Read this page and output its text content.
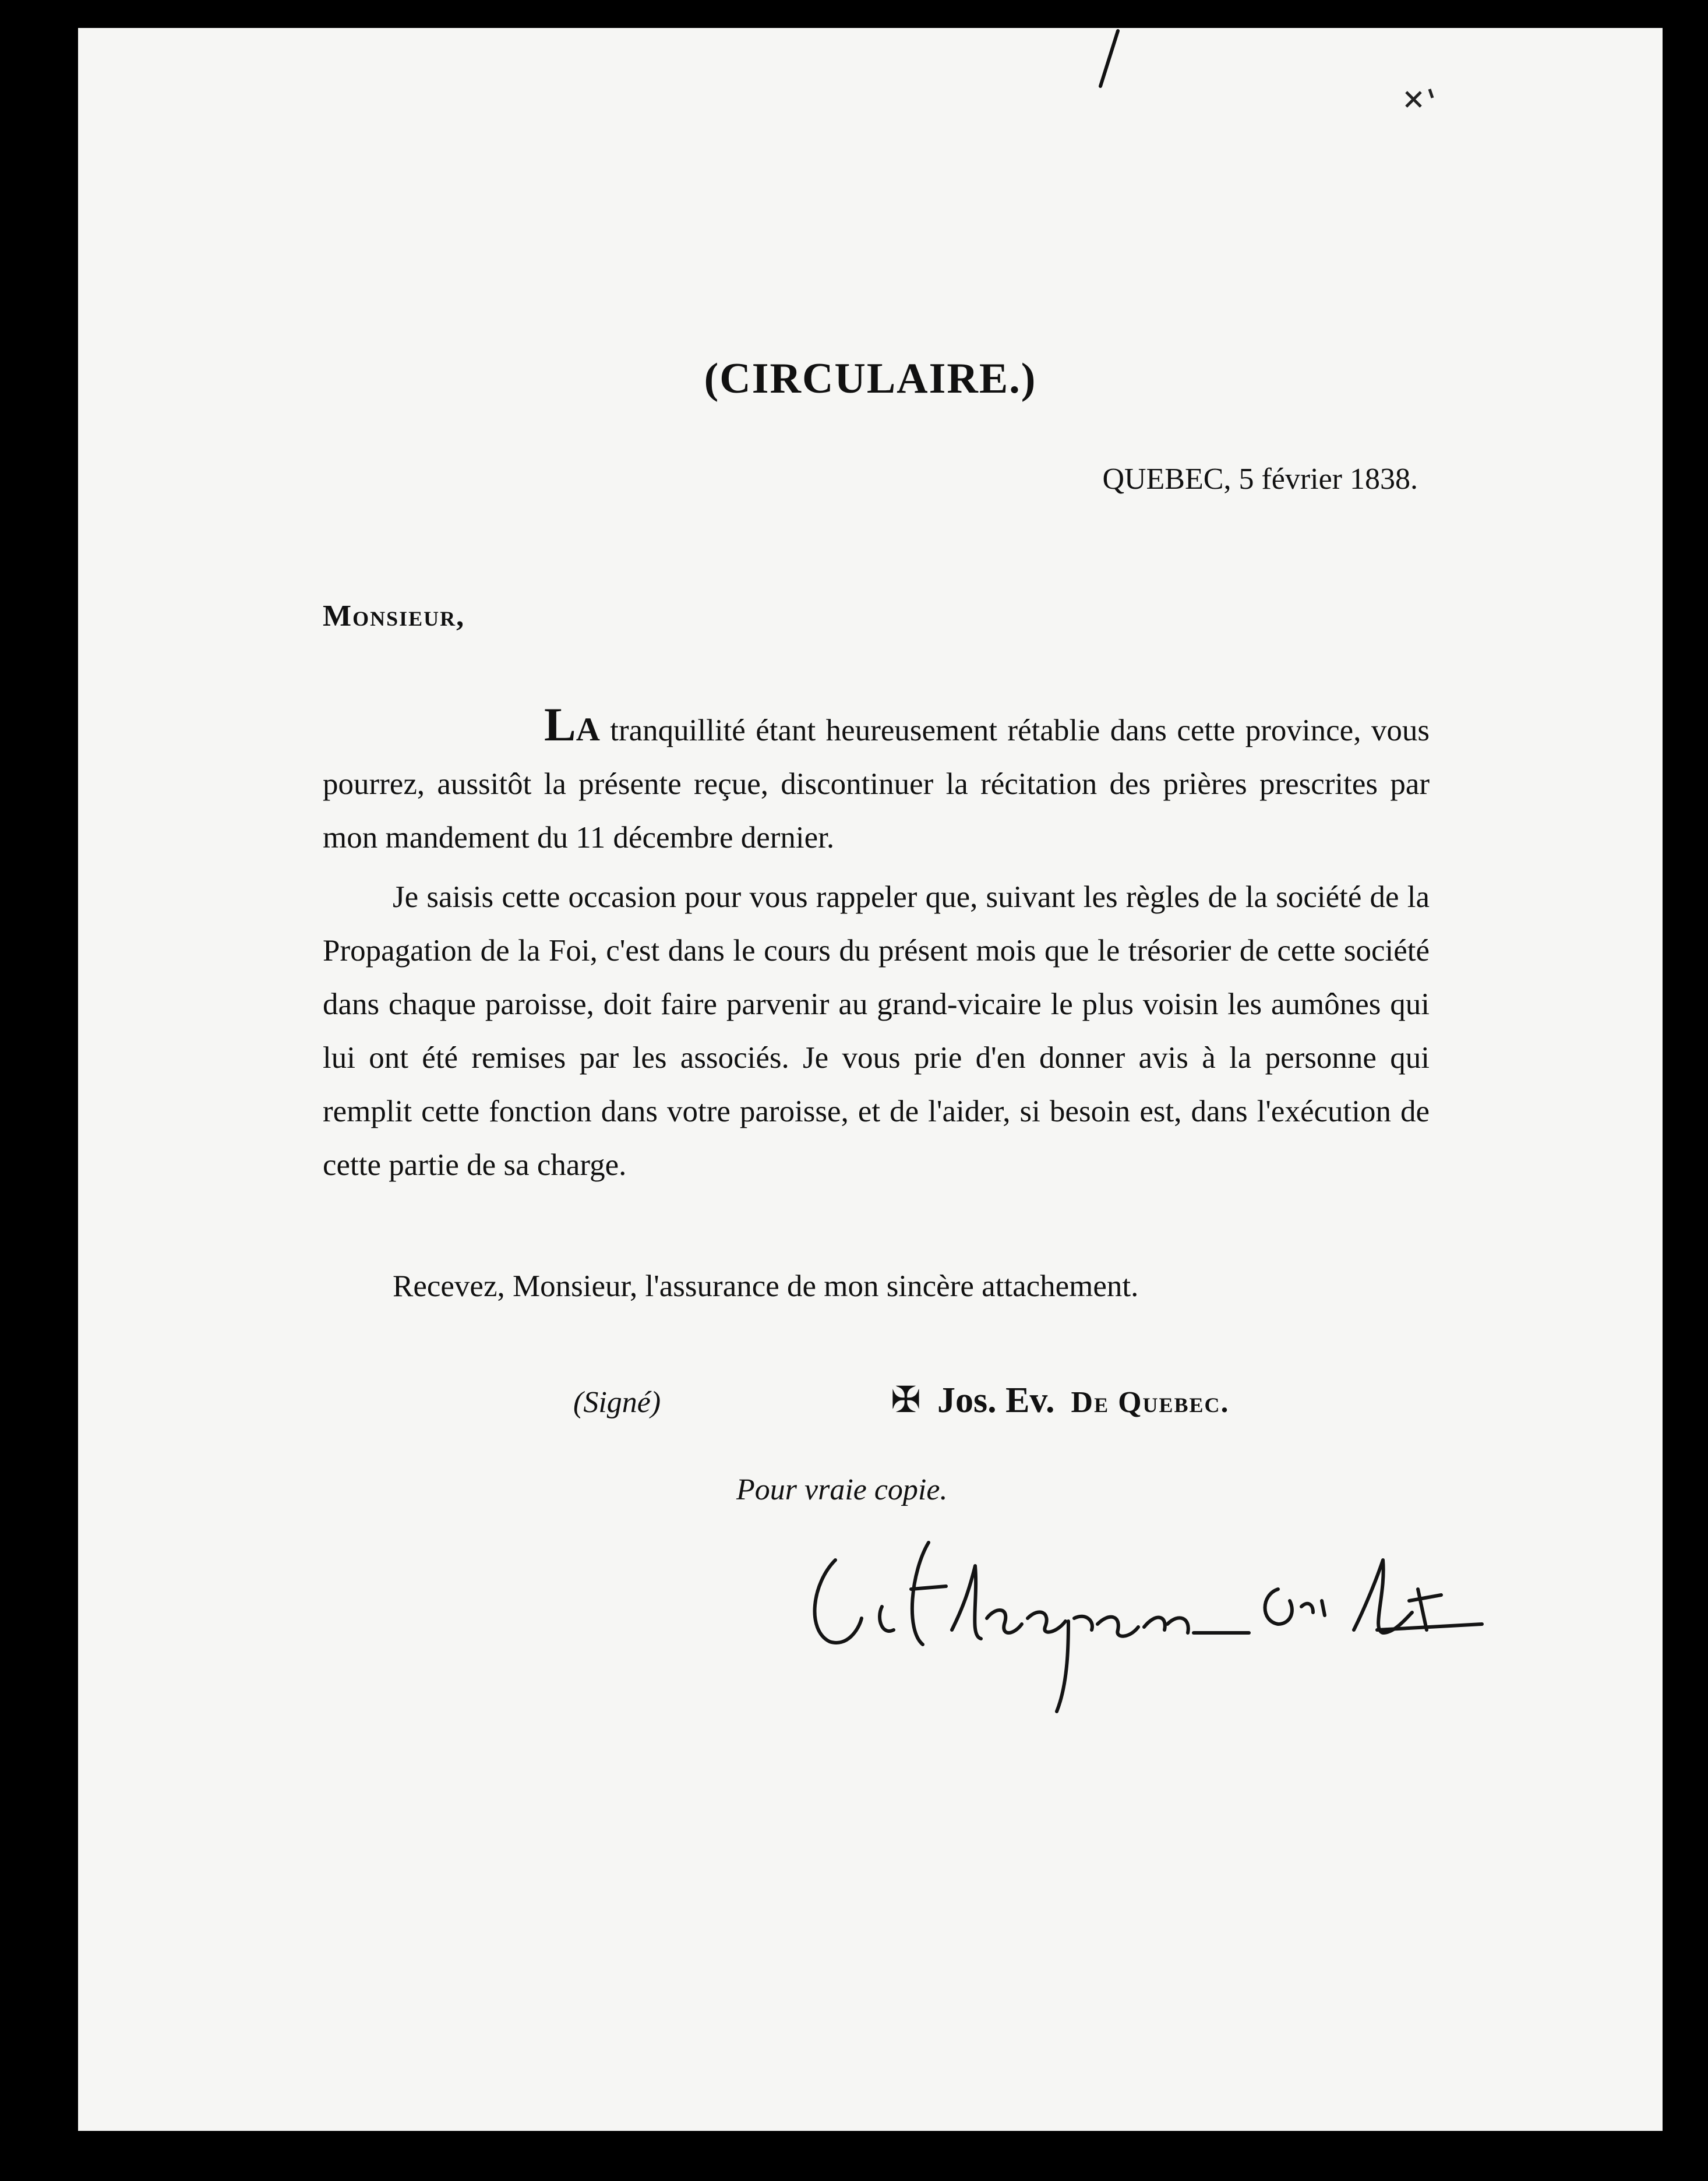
(CIRCULAIRE.)
QUEBEC, 5 février 1838.
Monsieur,

La tranquillité étant heureusement rétablie dans cette province, vous pourrez, aussitôt la présente reçue, discontinuer la récitation des prières prescrites par mon mandement du 11 décembre dernier.

Je saisis cette occasion pour vous rappeler que, suivant les règles de la société de la Propagation de la Foi, c'est dans le cours du présent mois que le trésorier de cette société dans chaque paroisse, doit faire parvenir au grand-vicaire le plus voisin les aumônes qui lui ont été remises par les associés. Je vous prie d'en donner avis à la personne qui remplit cette fonction dans votre paroisse, et de l'aider, si besoin est, dans l'exécution de cette partie de sa charge.

Recevez, Monsieur, l'assurance de mon sincère attachement.
(Signé)	✠ Jos. Ev. De Quebec.
Pour vraie copie.
